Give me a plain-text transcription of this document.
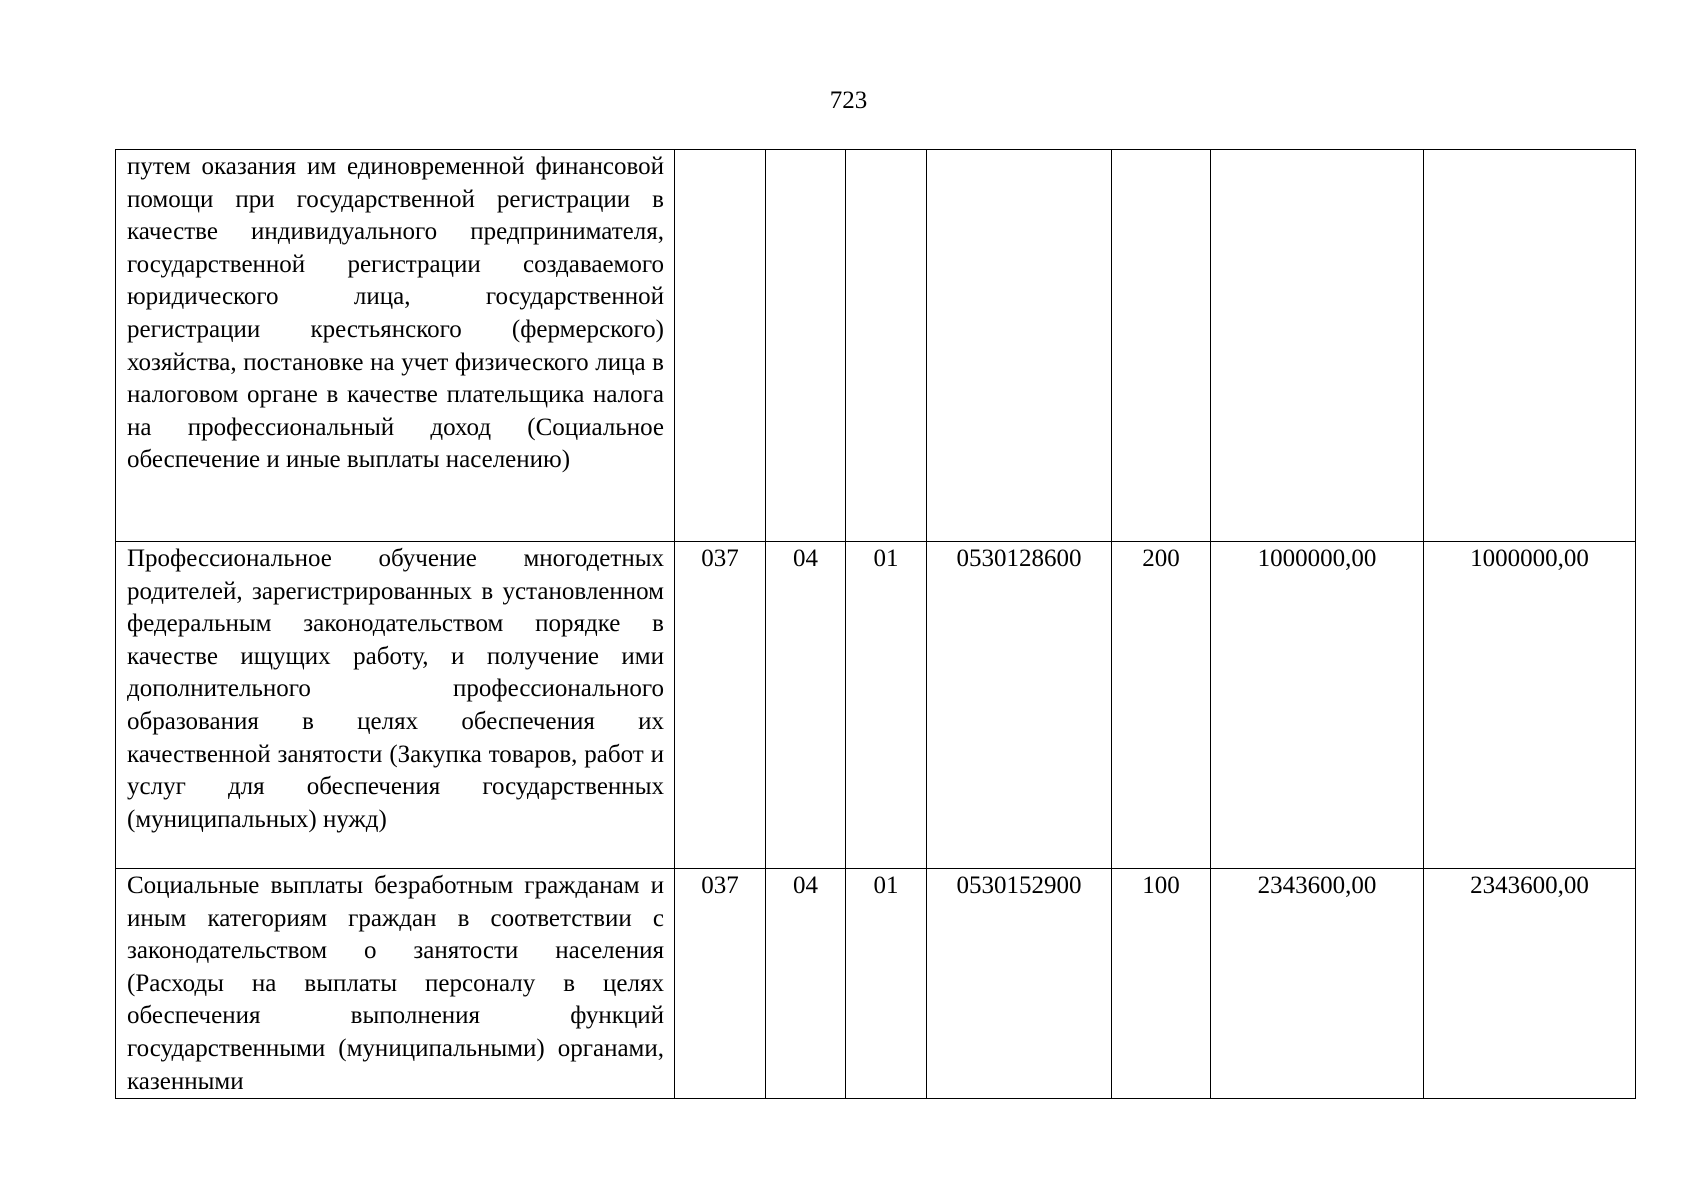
723
путем оказания им единовременной финансовой помощи при государственной регистрации в качестве индивидуального предпринимателя, государственной регистрации создаваемого юридического лица, государственной регистрации крестьянского (фермерского) хозяйства, постановке на учет физического лица в налоговом органе в качестве плательщика налога на профессиональный доход (Социальное обеспечение и иные выплаты населению)							
Профессиональное обучение многодетных родителей, зарегистрированных в установленном федеральным законодательством порядке в качестве ищущих работу, и получение ими дополнительного профессионального образования в целях обеспечения их качественной занятости (Закупка товаров, работ и услуг для обеспечения государственных (муниципальных) нужд)	037	04	01	0530128600	200	1000000,00	1000000,00
Социальные выплаты безработным гражданам и иным категориям граждан в соответствии с законодательством о занятости населения (Расходы на выплаты персоналу в целях обеспечения выполнения функций государственными (муниципальными) органами, казенными	037	04	01	0530152900	100	2343600,00	2343600,00
